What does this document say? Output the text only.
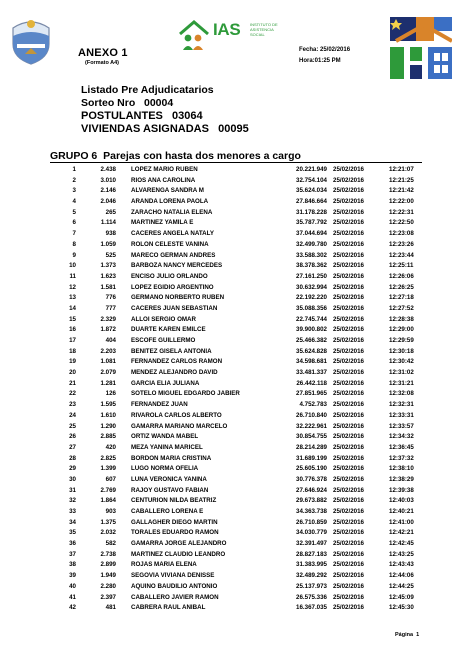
ANEXO 1
(Formato A4)
IAS INSTITUTO DE ASISTENCIA SOCIAL
Fecha: 25/02/2016
Hora:01:25 PM
Listado Pre Adjudicatarios
Sorteo Nro   00004
POSTULANTES   03064
VIVIENDAS ASIGNADAS   00095
GRUPO 6  Parejas con hasta dos menores a cargo
1	2.438 LOPEZ MARIO RUBEN	20.221.949 25/02/2016	12:21:07
2	3.010 RIOS ANA CAROLINA	32.754.104 25/02/2016	12:21:25
3	2.146 ALVARENGA SANDRA M	35.624.034 25/02/2016	12:21:42
4	2.046 ARANDA LORENA PAOLA	27.846.664 25/02/2016	12:22:00
5	265 ZARACHO NATALIA ELENA	31.178.228 25/02/2016	12:22:31
6	1.114 MARTINEZ YAMILA E	35.787.792 25/02/2016	12:22:50
7	938 CACERES ANGELA NATALY	37.044.694 25/02/2016	12:23:08
8	1.059 ROLON CELESTE VANINA	32.499.780 25/02/2016	12:23:26
9	525 MARECO GERMAN ANDRES	33.588.302 25/02/2016	12:23:44
10	1.373 BARBOZA NANCY MERCEDES	38.378.362 25/02/2016	12:25:11
11	1.623 ENCISO JULIO ORLANDO	27.161.250 25/02/2016	12:26:06
12	1.581 LOPEZ EGIDIO ARGENTINO	30.632.994 25/02/2016	12:26:25
13	776 GERMANO NORBERTO RUBEN	22.192.220 25/02/2016	12:27:18
14	777 CACERES JUAN SEBASTIAN	35.088.356 25/02/2016	12:27:52
15	2.329 ALLOI SERGIO OMAR	22.745.744 25/02/2016	12:28:38
16	1.872 DUARTE KAREN EMILCE	39.900.802 25/02/2016	12:29:00
17	404 ESCOFE GUILLERMO	25.466.382 25/02/2016	12:29:59
18	2.203 BENITEZ GISELA ANTONIA	35.624.828 25/02/2016	12:30:18
19	1.081 FERNANDEZ CARLOS RAMON	34.598.681 25/02/2016	12:30:42
20	2.079 MENDEZ ALEJANDRO DAVID	33.481.337 25/02/2016	12:31:02
21	1.281 GARCIA ELIA JULIANA	26.442.118 25/02/2016	12:31:21
22	126 SOTELO MIGUEL EDGARDO JABIER	27.851.965 25/02/2016	12:32:08
23	1.595 FERNANDEZ JUAN	4.752.783 25/02/2016	12:32:31
24	1.610 RIVAROLA CARLOS ALBERTO	26.710.840 25/02/2016	12:33:31
25	1.290 GAMARRA MARIANO MARCELO	32.222.961 25/02/2016	12:33:57
26	2.885 ORTIZ WANDA MABEL	30.854.755 25/02/2016	12:34:32
27	420 MEZA YANINA MARICEL	28.214.289 25/02/2016	12:36:45
28	2.825 BORDON MARIA CRISTINA	31.689.199 25/02/2016	12:37:32
29	1.399 LUGO NORMA OFELIA	25.605.190 25/02/2016	12:38:10
30	607 LUNA VERONICA YANINA	30.776.378 25/02/2016	12:38:29
31	2.769 RAJOY GUSTAVO FABIAN	27.646.924 25/02/2016	12:39:38
32	1.864 CENTURION NILDA BEATRIZ	29.673.882 25/02/2016	12:40:03
33	903 CABALLERO LORENA E	34.363.738 25/02/2016	12:40:21
34	1.375 GALLAGHER DIEGO MARTIN	26.710.859 25/02/2016	12:41:00
35	2.032 TORALES EDUARDO RAMON	34.030.779 25/02/2016	12:42:21
36	582 GAMARRA JORGE ALEJANDRO	32.391.497 25/02/2016	12:42:45
37	2.738 MARTINEZ CLAUDIO LEANDRO	28.827.183 25/02/2016	12:43:25
38	2.899 ROJAS MARIA ELENA	31.383.995 25/02/2016	12:43:43
39	1.949 SEGOVIA VIVIANA DENISSE	32.489.292 25/02/2016	12:44:06
40	2.280 AQUINO BAUDILIO ANTONIO	25.137.973 25/02/2016	12:44:25
41	2.397 CABALLERO JAVIER RAMON	26.575.336 25/02/2016	12:45:09
42	481 CABRERA RAUL ANIBAL	16.367.035 25/02/2016	12:45:30
Página  1
